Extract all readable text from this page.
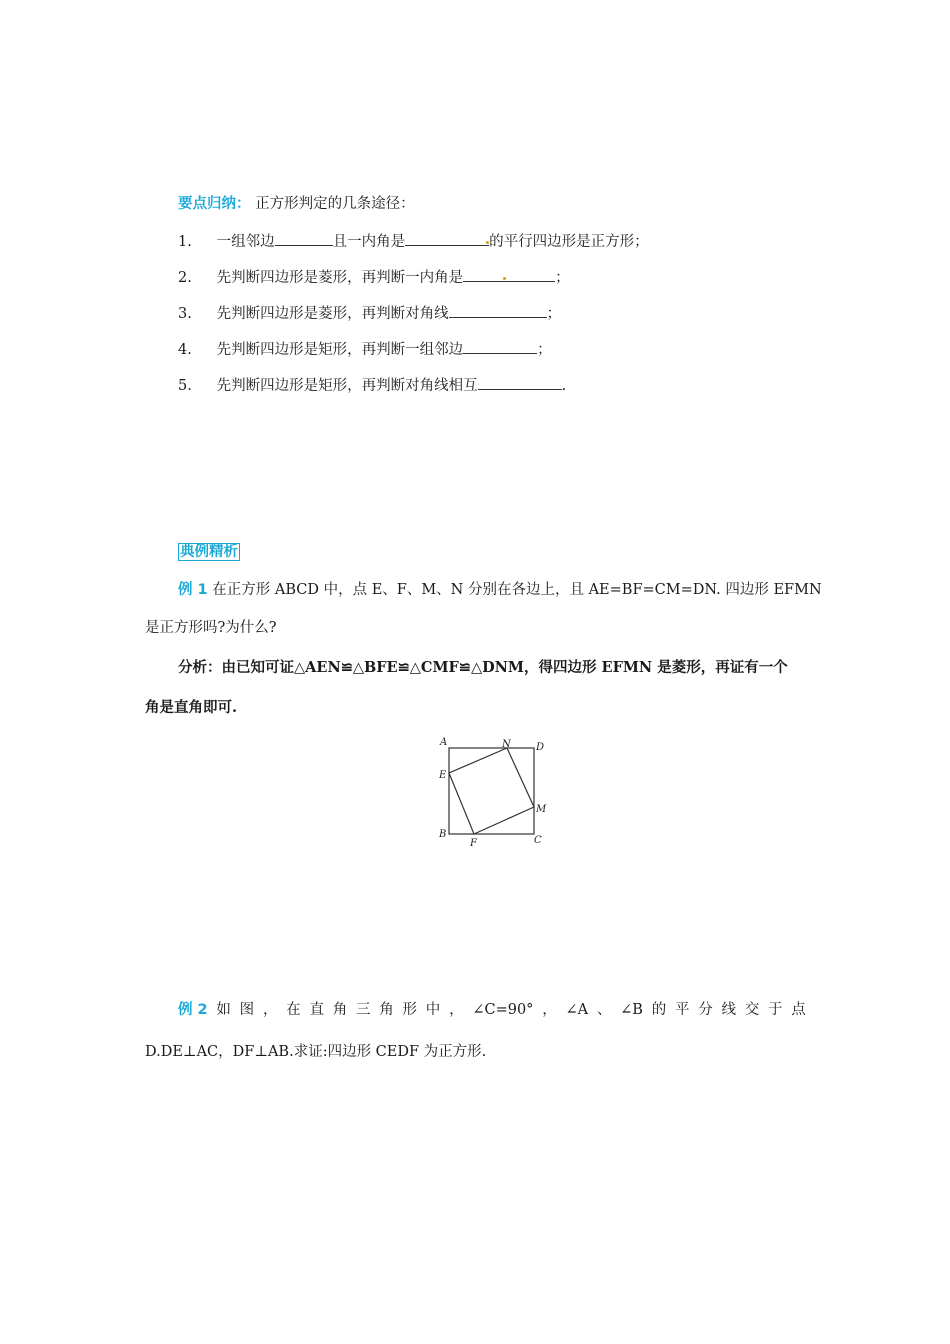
要点归纳： 正方形判定的几条途径：
1. 一组邻边	且一内角是	的平行四边形是正方形；
2. 先判断四边形是菱形，再判断一内角是	；
3. 先判断四边形是菱形，再判断对角线	；
4. 先判断四边形是矩形，再判断一组邻边	；
5. 先判断四边形是矩形，再判断对角线相互	.
典例精析
例 1 在正方形 ABCD 中，点 E、F、M、N 分别在各边上，且 AE=BF=CM=DN. 四边形 EFMN
是正方形吗?为什么?
分析：由已知可证△AEN≌△BFE≌△CMF≌△DNM，得四边形 EFMN 是菱形，再证有一个
角是直角即可.
A	D
N
E
M
B
C
F
例 2 如 图 ， 在 直 角 三 角 形 中 ， ∠C=90° ， ∠A 、 ∠B 的 平 分 线 交 于 点
D.DE⊥AC，DF⊥AB.求证:四边形 CEDF 为正方形.
